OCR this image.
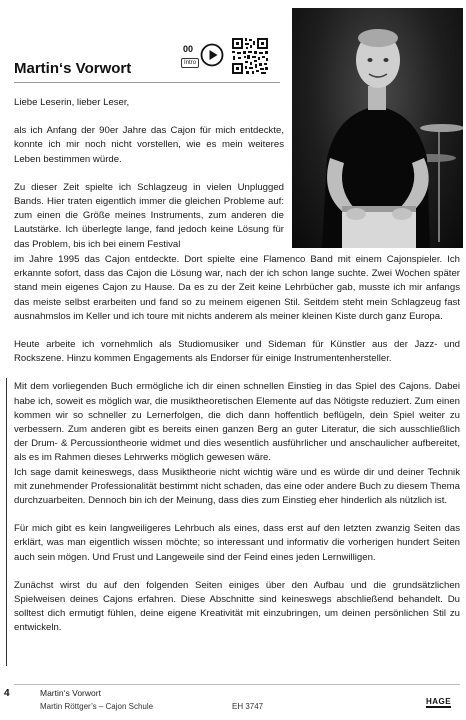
Martin‘s Vorwort
00
Intro

Liebe Leserin, lieber Leser,

als ich Anfang der 90er Jahre das Cajon für mich entdeckte, konnte ich mir noch nicht vorstellen, wie es mein weiteres Leben bestimmen würde.

Zu dieser Zeit spielte ich Schlagzeug in vielen Unplugged Bands. Hier traten eigentlich immer die gleichen Probleme auf: zum einen die Größe meines Instruments, zum anderen die Lautstärke. Ich überlegte lange, fand jedoch keine Lösung für das Problem, bis ich bei einem Festival

im Jahre 1995 das Cajon entdeckte. Dort spielte eine Flamenco Band mit einem Cajonspieler. Ich erkannte sofort, dass das Cajon die Lösung war, nach der ich schon lange suchte. Zwei Wochen später stand mein eigenes Cajon zu Hause. Da es zu der Zeit keine Lehrbücher gab, musste ich mir anfangs das meiste selbst erarbeiten und fand so zu meinem eigenen Stil. Seitdem steht mein Schlagzeug fast ausnahmslos im Keller und ich toure mit nichts anderem als meiner kleinen Kiste durch ganz Europa.

Heute arbeite ich vornehmlich als Studiomusiker und Sideman für Künstler aus der Jazz- und Rockszene. Hinzu kommen Engagements als Endorser für einige Instrumentenhersteller.

Mit dem vorliegenden Buch ermögliche ich dir einen schnellen Einstieg in das Spiel des Cajons. Dabei habe ich, soweit es möglich war, die musiktheoretischen Elemente auf das Nötigste reduziert. Zum einen kommen wir so schneller zu Lernerfolgen, die dich dann hoffentlich beflügeln, dein Spiel weiter zu verbessern. Zum anderen gibt es bereits einen ganzen Berg an guter Literatur, die sich ausschließlich der Drum- & Percussiontheorie widmet und dies wesentlich ausführlicher und anschaulicher aufbereitet, als es im Rahmen dieses Lehrwerks möglich gewesen wäre.

Ich sage damit keineswegs, dass Musiktheorie nicht wichtig wäre und es würde dir und deiner Technik mit zunehmender Professionalität bestimmt nicht schaden, das eine oder andere Buch zu diesem Thema durchzuarbeiten. Dennoch bin ich der Meinung, dass dies zum Einstieg eher hinderlich als nützlich ist.

Für mich gibt es kein langweiligeres Lehrbuch als eines, dass erst auf den letzten zwanzig Seiten das erklärt, was man eigentlich wissen möchte; so interessant und informativ die vorherigen hundert Seiten auch sein mögen. Und Frust und Langeweile sind der Feind eines jeden Lernwilligen.

Zunächst wirst du auf den folgenden Seiten einiges über den Aufbau und die grundsätzlichen Spielweisen deines Cajons erfahren. Diese Abschnitte sind keineswegs abschließend behandelt. Du solltest dich ermutigt fühlen, deine eigene Kreativität mit einzubringen, um deinen persönlichen Stil zu entwickeln.

4	Martin‘s Vorwort
Martin Röttger’s – Cajon Schule	EH 3747
HAGE
